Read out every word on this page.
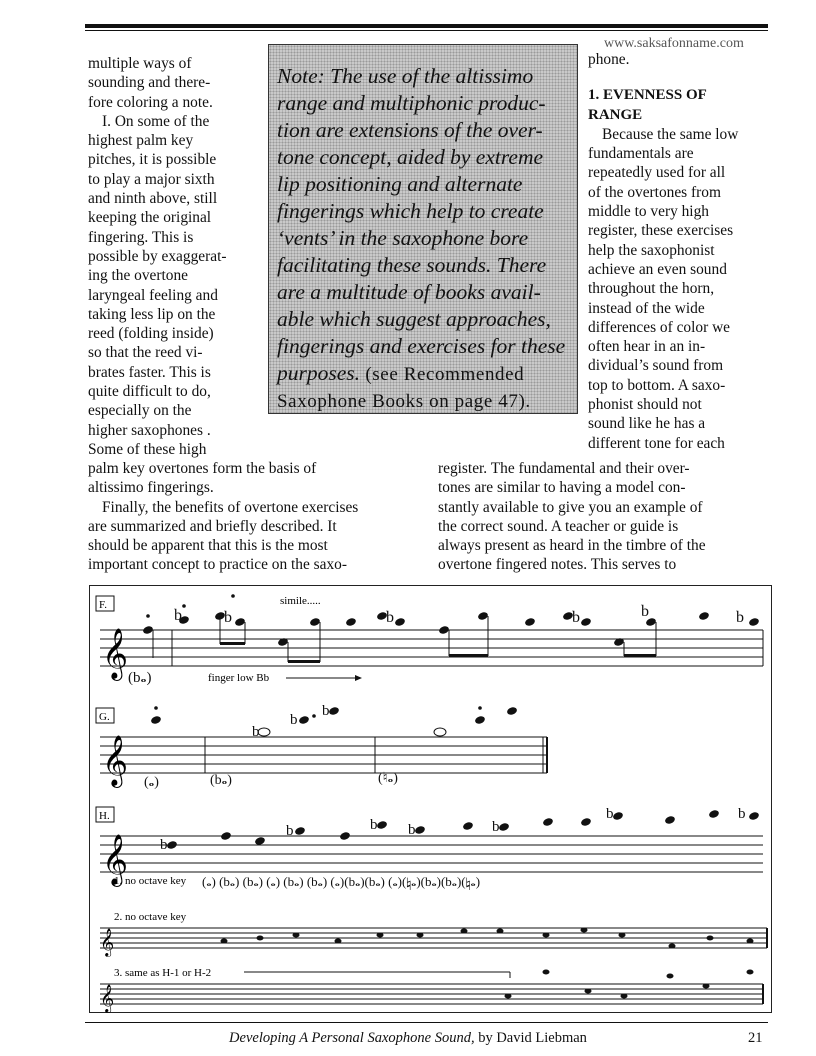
www.saksafonname.com

multiple ways of

sounding and there-

fore coloring a note.

I. On some of the

highest palm key

pitches, it is possible

to play a major sixth

and ninth above, still

keeping the original

fingering. This is

possible by exaggerat-

ing the overtone

laryngeal feeling and

taking less lip on the

reed (folding inside)

so that the reed vi-

brates faster. This is

quite difficult to do,

especially on the

higher saxophones .

Some of these high

palm key overtones form the basis of

altissimo fingerings.

Finally, the benefits of overtone exercises

are summarized and briefly described. It

should be apparent that this is the most

important concept to practice on the saxo-

Note: The use of the altissimo
range and multiphonic produc-
tion are extensions of the over-
tone concept, aided by extreme
lip positioning and alternate
fingerings which help to create
‘vents’ in the saxophone bore
facilitating these sounds. There
are a multitude of books avail-
able which suggest approaches,
fingerings and exercises for these
purposes. (see Recommended
Saxophone Books on page 47).

phone.

1. EVENNESS OF

RANGE

Because the same low

fundamentals are

repeatedly used for all

of the overtones from

middle to very high

register, these exercises

help the saxophonist

achieve an even sound

throughout the horn,

instead of the wide

differences of color we

often hear in an in-

dividual’s sound from

top to bottom. A saxo-

phonist should not

sound like he has a

different tone for each

register. The fundamental and their over-

tones are similar to having a model con-

stantly available to give you an example of

the correct sound. A teacher or guide is

always present as heard in the timbre of the

overtone fingered notes. This serves to

F.
G.
H.
𝄞
𝄞
𝄞
𝄞
𝄞
(b𝅝)
b	b	b	b	b	b
simile.....
finger low Bb
(𝅝)	(b𝅝)
b
b
b
(♮𝅝)
b
b	b b	b
b	b
(𝅝) (b𝅝) (b𝅝) (𝅝) (b𝅝) (b𝅝) (𝅝)(b𝅝)(b𝅝) (𝅝)(♮𝅝)(b𝅝)(b𝅝)(♮𝅝)
1. no octave key
2. no octave key
3. same as H-1 or H-2
Developing A Personal Saxophone Sound, by David Liebman	21
